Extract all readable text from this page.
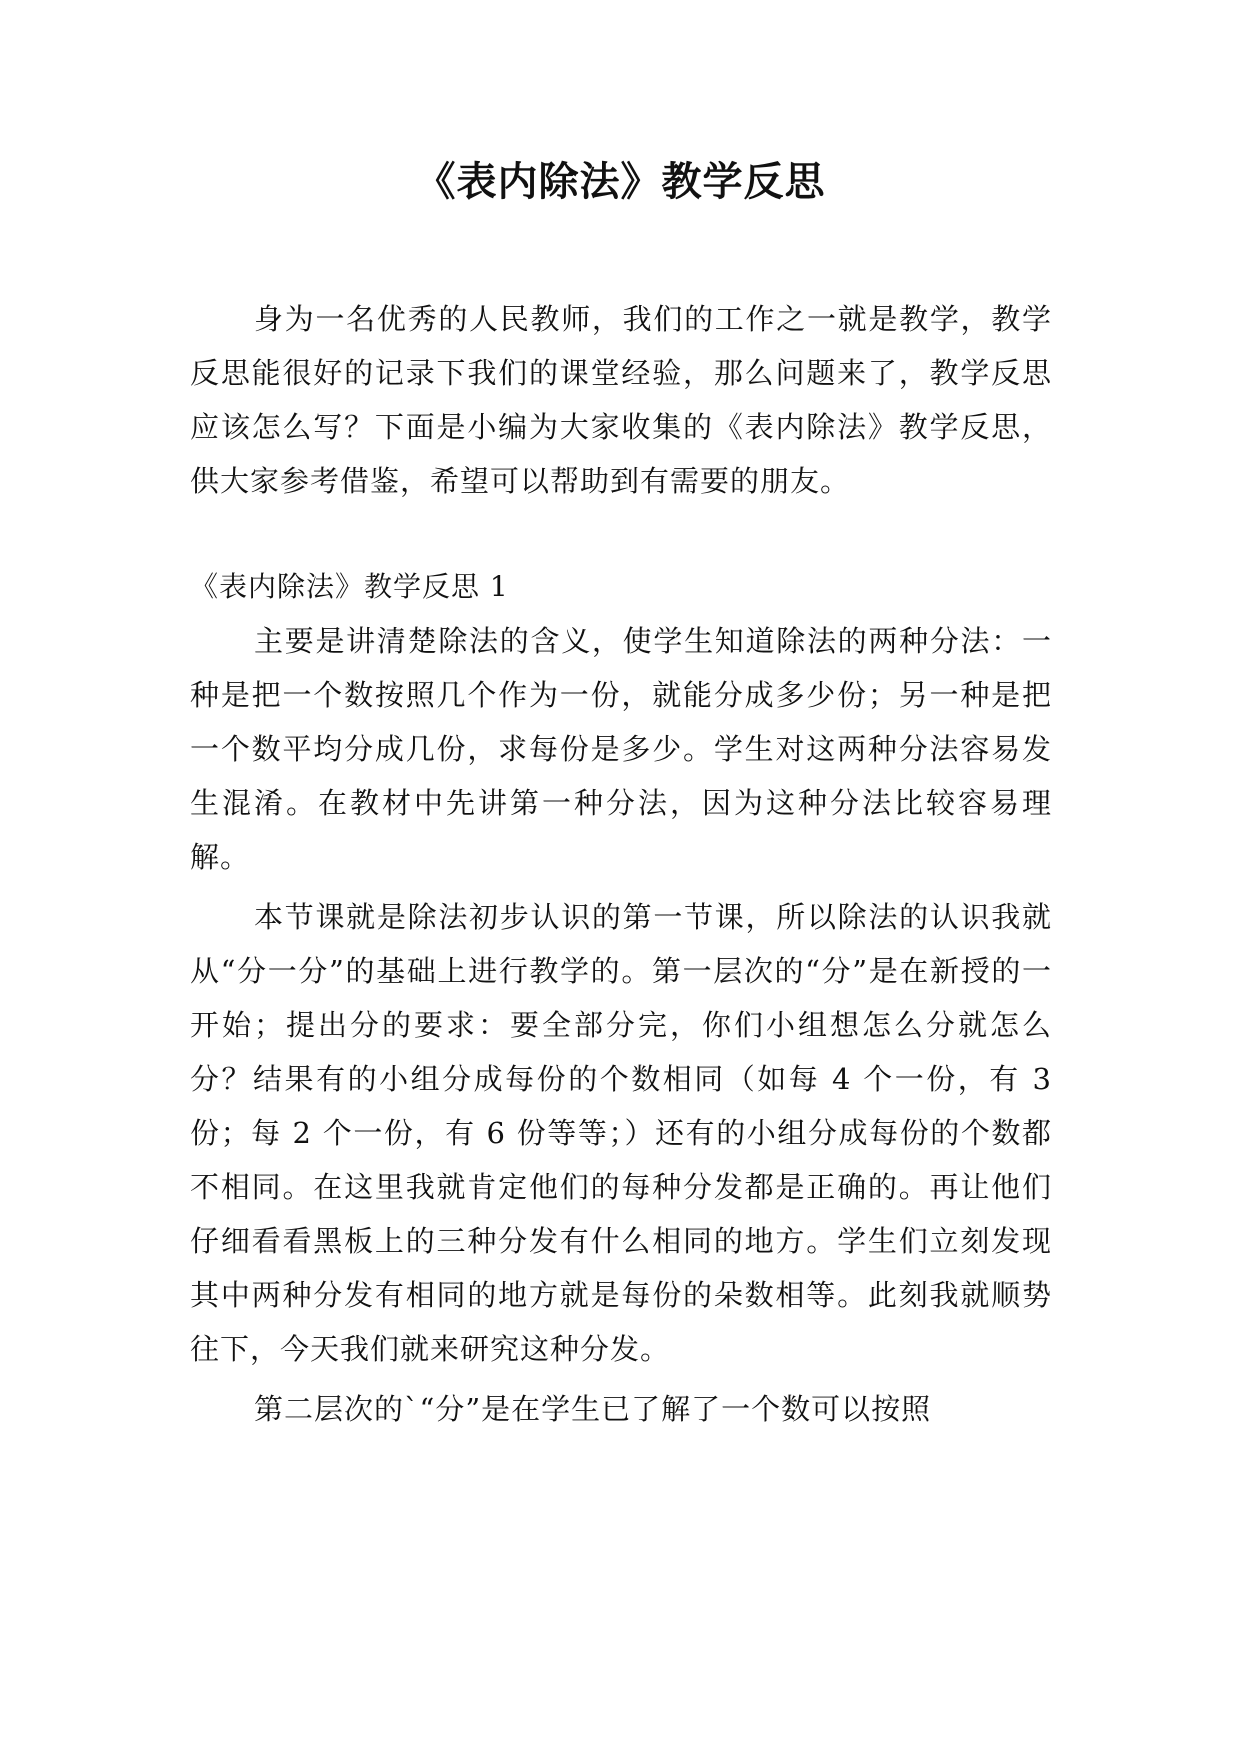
《表内除法》教学反思

身为一名优秀的人民教师，我们的工作之一就是教学，教学反思能很好的记录下我们的课堂经验，那么问题来了，教学反思应该怎么写？下面是小编为大家收集的《表内除法》教学反思，供大家参考借鉴，希望可以帮助到有需要的朋友。

《表内除法》教学反思 1

主要是讲清楚除法的含义，使学生知道除法的两种分法：一种是把一个数按照几个作为一份，就能分成多少份；另一种是把一个数平均分成几份，求每份是多少。学生对这两种分法容易发生混淆。在教材中先讲第一种分法，因为这种分法比较容易理解。

本节课就是除法初步认识的第一节课，所以除法的认识我就从“分一分”的基础上进行教学的。第一层次的“分”是在新授的一开始；提出分的要求：要全部分完，你们小组想怎么分就怎么分？结果有的小组分成每份的个数相同（如每 4 个一份，有 3 份；每 2 个一份，有 6 份等等；）还有的小组分成每份的个数都不相同。在这里我就肯定他们的每种分发都是正确的。再让他们仔细看看黑板上的三种分发有什么相同的地方。学生们立刻发现其中两种分发有相同的地方就是每份的朵数相等。此刻我就顺势往下，今天我们就来研究这种分发。

第二层次的`“分”是在学生已了解了一个数可以按照
